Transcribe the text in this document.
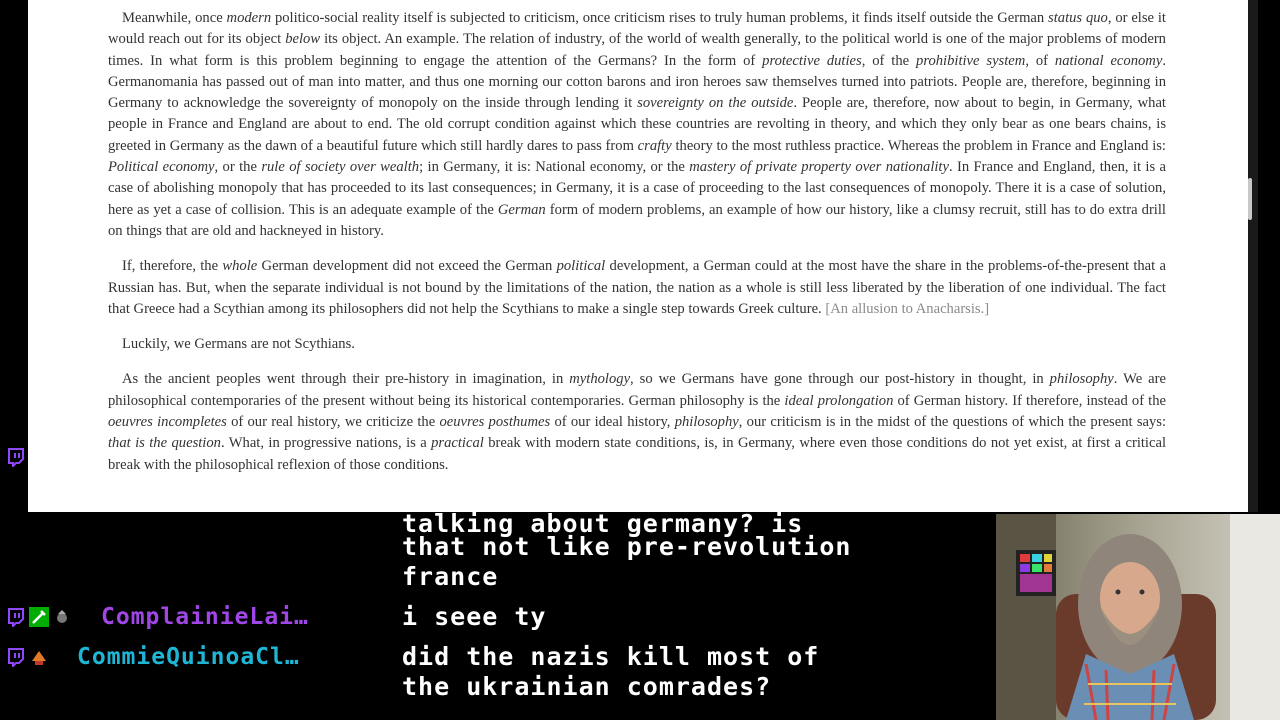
Meanwhile, once modern politico-social reality itself is subjected to criticism, once criticism rises to truly human problems, it finds itself outside the German status quo, or else it would reach out for its object below its object. An example. The relation of industry, of the world of wealth generally, to the political world is one of the major problems of modern times. In what form is this problem beginning to engage the attention of the Germans? In the form of protective duties, of the prohibitive system, of national economy. Germanomania has passed out of man into matter, and thus one morning our cotton barons and iron heroes saw themselves turned into patriots. People are, therefore, beginning in Germany to acknowledge the sovereignty of monopoly on the inside through lending it sovereignty on the outside. People are, therefore, now about to begin, in Germany, what people in France and England are about to end. The old corrupt condition against which these countries are revolting in theory, and which they only bear as one bears chains, is greeted in Germany as the dawn of a beautiful future which still hardly dares to pass from crafty theory to the most ruthless practice. Whereas the problem in France and England is: Political economy, or the rule of society over wealth; in Germany, it is: National economy, or the mastery of private property over nationality. In France and England, then, it is a case of abolishing monopoly that has proceeded to its last consequences; in Germany, it is a case of proceeding to the last consequences of monopoly. There it is a case of solution, here as yet a case of collision. This is an adequate example of the German form of modern problems, an example of how our history, like a clumsy recruit, still has to do extra drill on things that are old and hackneyed in history.

If, therefore, the whole German development did not exceed the German political development, a German could at the most have the share in the problems-of-the-present that a Russian has. But, when the separate individual is not bound by the limitations of the nation, the nation as a whole is still less liberated by the liberation of one individual. The fact that Greece had a Scythian among its philosophers did not help the Scythians to make a single step towards Greek culture. [An allusion to Anacharsis.]

Luckily, we Germans are not Scythians.

As the ancient peoples went through their pre-history in imagination, in mythology, so we Germans have gone through our post-history in thought, in philosophy. We are philosophical contemporaries of the present without being its historical contemporaries. German philosophy is the ideal prolongation of German history. If therefore, instead of the oeuvres incompletes of our real history, we criticize the oeuvres posthumes of our ideal history, philosophy, our criticism is in the midst of the questions of which the present says: that is the question. What, in progressive nations, is a practical break with modern state conditions, is, in Germany, where even those conditions do not yet exist, at first a critical break with the philosophical reflexion of those conditions.

talking about germany? is
that not like pre-revolution
france
ComplainieLai…	i seee ty
CommieQuinoaCl…	did the nazis kill most of
the ukrainian comrades?
